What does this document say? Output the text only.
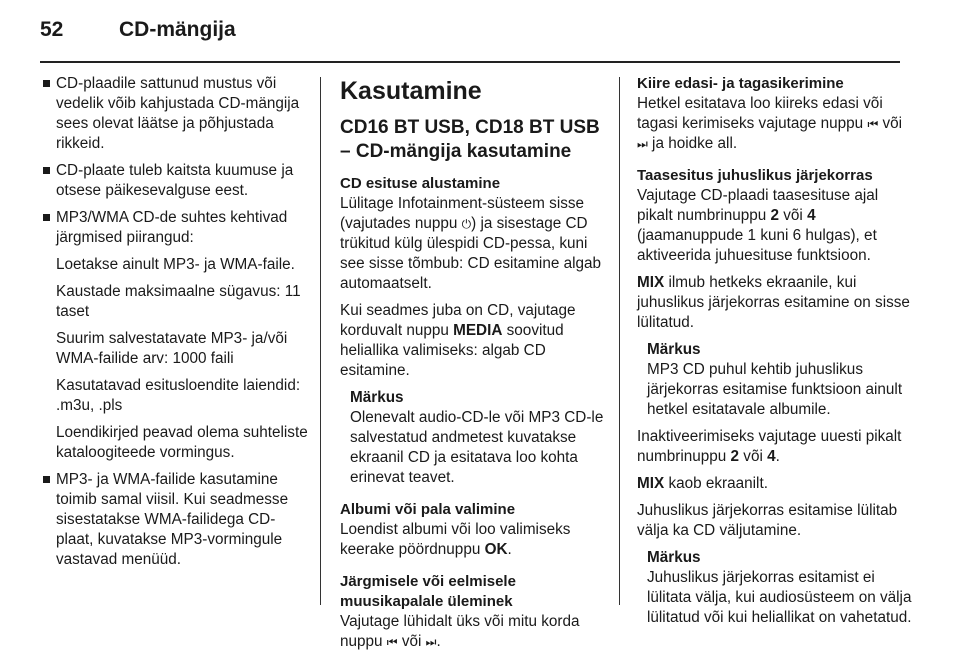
52	CD-mängija
CD-plaadile sattunud mustus või vedelik võib kahjustada CD-mängija sees olevat läätse ja põhjustada rikkeid.
CD-plaate tuleb kaitsta kuumuse ja otsese päikesevalguse eest.
MP3/WMA CD-de suhtes kehtivad järgmised piirangud:
Loetakse ainult MP3- ja WMA-faile.
Kaustade maksimaalne sügavus: 11 taset
Suurim salvestatavate MP3- ja/või WMA-failide arv: 1000 faili
Kasutatavad esitusloendite laiendid: .m3u, .pls
Loendikirjed peavad olema suhteliste kataloogiteede vormingus.
MP3- ja WMA-failide kasutamine toimib samal viisil. Kui seadmesse sisestatakse WMA-failidega CD-plaat, kuvatakse MP3-vormingule vastavad menüüd.
Kasutamine
CD16 BT USB, CD18 BT USB – CD-mängija kasutamine
CD esituse alustamine

Lülitage Infotainment-süsteem sisse (vajutades nuppu ⏻) ja sisestage CD trükitud külg ülespidi CD-pessa, kuni see sisse tõmbub: CD esitamine algab automaatselt.

Kui seadmes juba on CD, vajutage korduvalt nuppu MEDIA soovitud heliallika valimiseks: algab CD esitamine.

Märkus
Olenevalt audio-CD-le või MP3 CD-le salvestatud andmetest kuvatakse ekraanil CD ja esitatava loo kohta erinevat teavet.
Albumi või pala valimine

Loendist albumi või loo valimiseks keerake pöördnuppu OK.

Järgmisele või eelmisele
muusikapalale üleminek

Vajutage lühidalt üks või mitu korda nuppu ⏮ või ⏭.

Kiire edasi- ja tagasikerimine

Hetkel esitatava loo kiireks edasi või tagasi kerimiseks vajutage nuppu ⏮ või ⏭ ja hoidke all.

Taasesitus juhuslikus järjekorras

Vajutage CD-plaadi taasesituse ajal pikalt numbrinuppu 2 või 4 (jaamanuppude 1 kuni 6 hulgas), et aktiveerida juhuesituse funktsioon.

MIX ilmub hetkeks ekraanile, kui juhuslikus järjekorras esitamine on sisse lülitatud.

Märkus
MP3 CD puhul kehtib juhuslikus järjekorras esitamise funktsioon ainult hetkel esitatavale albumile.

Inaktiveerimiseks vajutage uuesti pikalt numbrinuppu 2 või 4.

MIX kaob ekraanilt.

Juhuslikus järjekorras esitamise lülitab välja ka CD väljutamine.

Märkus
Juhuslikus järjekorras esitamist ei lülitata välja, kui audiosüsteem on välja lülitatud või kui heliallikat on vahetatud.
